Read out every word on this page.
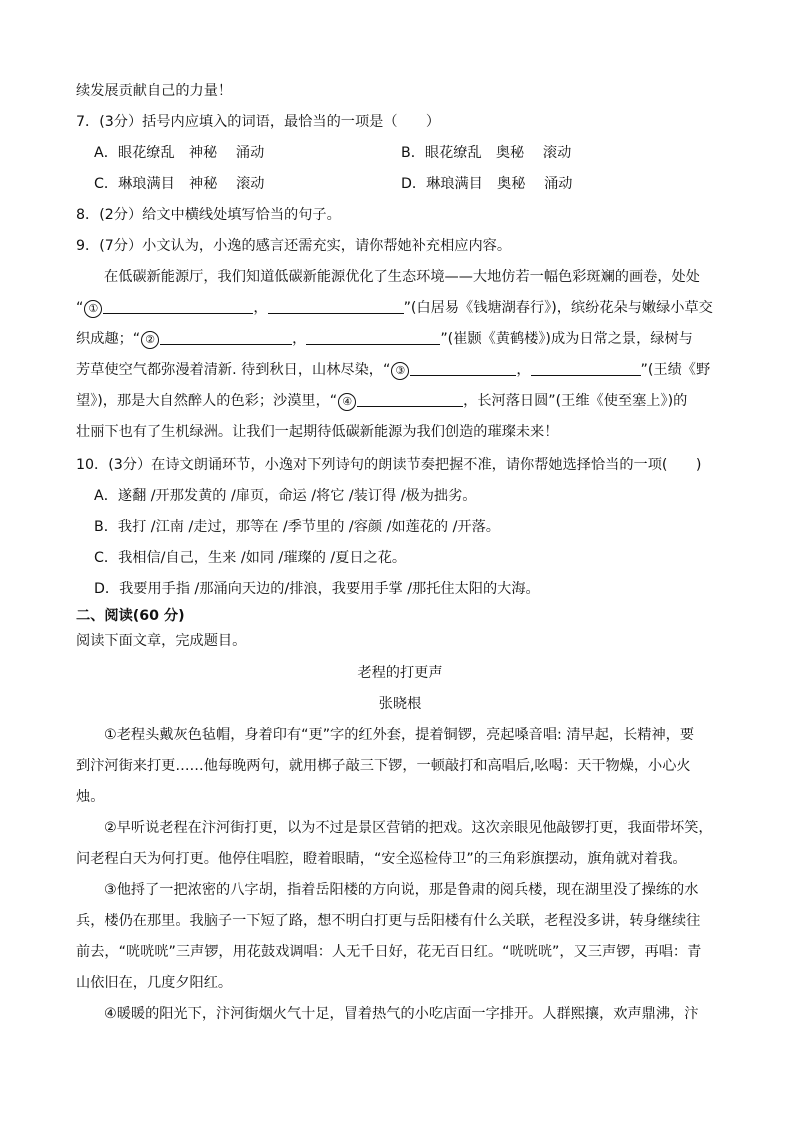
续发展贡献自己的力量！
7．(3分）括号内应填入的词语，最恰当的一项是（　　）
A．眼花缭乱　神秘　 涌动	B．眼花缭乱　奥秘　 滚动
C．琳琅满目　神秘　 滚动	D．琳琅满目　奥秘　 涌动
8．(2分）给文中横线处填写恰当的句子。
9．(7分）小文认为，小逸的感言还需充实，请你帮她补充相应内容。
在低碳新能源厅，我们知道低碳新能源优化了生态环境——大地仿若一幅色彩斑斓的画卷，处处
“ ①	，	”(白居易《钱塘湖春行》)，缤纷花朵与嫩绿小草交
织成趣；“ ②	，	”(崔颢《黄鹤楼》)成为日常之景，绿树与
芳草使空气都弥漫着清新. 待到秋日，山林尽染，“ ③	，	”(王绩《野
望》)，那是大自然醉人的色彩；沙漠里，“ ④	，长河落日圆”(王维《使至塞上》)的
壮丽下也有了生机绿洲。让我们一起期待低碳新能源为我们创造的璀璨未来！
10．(3分）在诗文朗诵环节，小逸对下列诗句的朗读节奏把握不准，请你帮她选择恰当的一项(　　)
A．遂翻 /开那发黄的 /扉页，命运 /将它 /装订得 /极为拙劣。
B．我打 /江南 /走过，那等在 /季节里的 /容颜 /如莲花的 /开落。
C．我相信/自己，生来 /如同 /璀璨的 /夏日之花。
D．我要用手指 /那涌向天边的/排浪，我要用手掌 /那托住太阳的大海。
二、阅读(60 分)
阅读下面文章，完成题目。
老程的打更声
张晓根
①老程头戴灰色毡帽，身着印有“更”字的红外套，提着铜锣，亮起嗓音唱: 清早起，长精神，要
到汴河街来打更……他每晚两句，就用梆子敲三下锣，一顿敲打和高唱后,吆喝：天干物燥，小心火
烛。
②早听说老程在汴河街打更，以为不过是景区营销的把戏。这次亲眼见他敲锣打更，我面带坏笑，
问老程白天为何打更。他停住唱腔，瞪着眼睛，“安全巡检侍卫”的三角彩旗摆动，旗角就对着我。
③他捋了一把浓密的八字胡，指着岳阳楼的方向说，那是鲁肃的阅兵楼，现在湖里没了操练的水
兵，楼仍在那里。我脑子一下短了路，想不明白打更与岳阳楼有什么关联，老程没多讲，转身继续往
前去，“咣咣咣”三声锣，用花鼓戏调唱：人无千日好，花无百日红。“咣咣咣”，又三声锣，再唱：青
山依旧在，几度夕阳红。
④暖暖的阳光下，汴河街烟火气十足，冒着热气的小吃店面一字排开。人群熙攘，欢声鼎沸，汴
